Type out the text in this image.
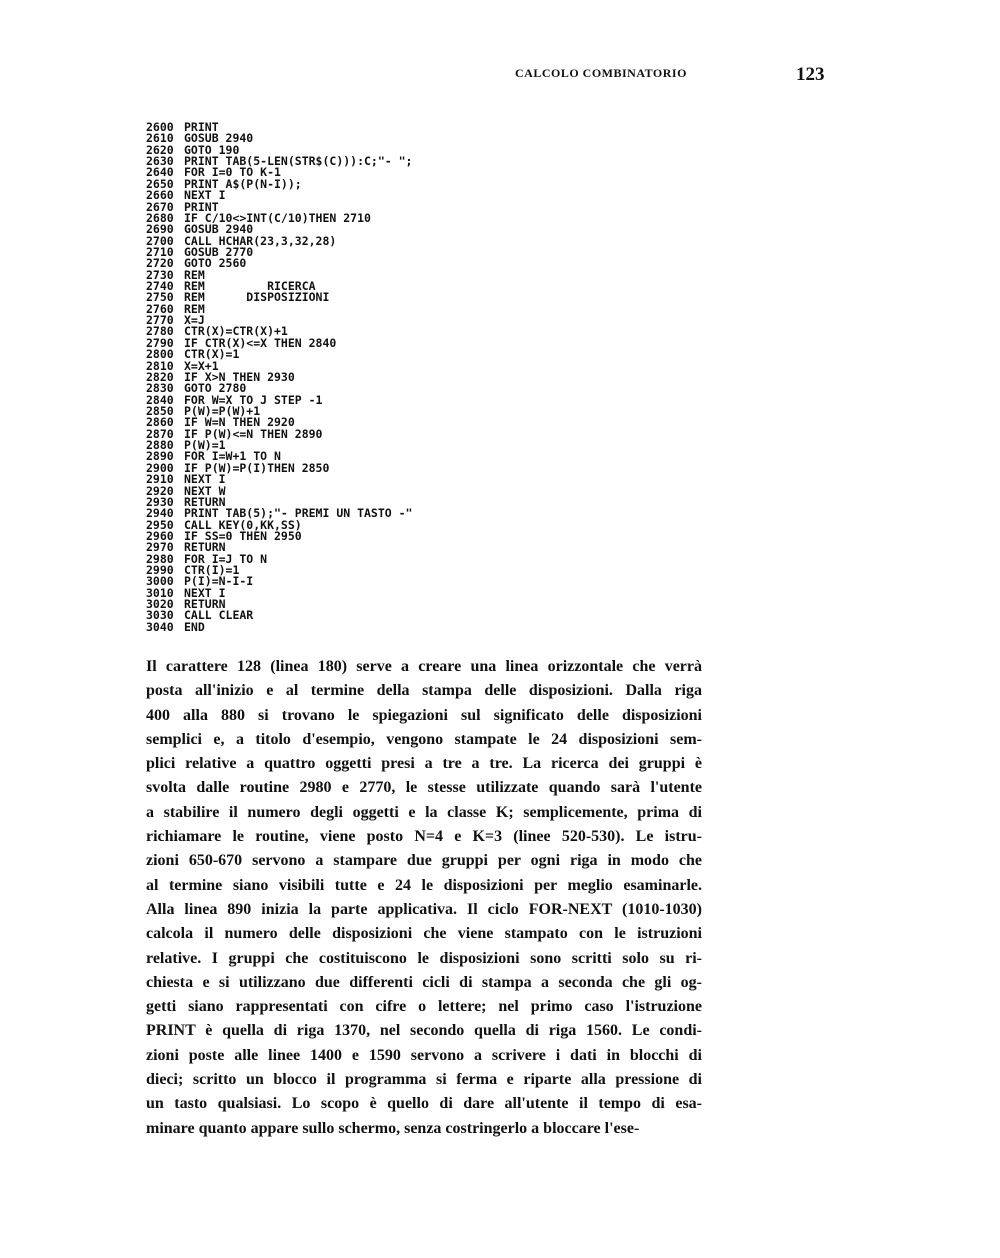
CALCOLO COMBINATORIO	123
2600 PRINT
2610 GOSUB 2940
2620 GOTO 190
2630 PRINT TAB(5-LEN(STR$(C))):C;"- ";
2640 FOR I=0 TO K-1
2650 PRINT A$(P(N-I));
2660 NEXT I
2670 PRINT
2680 IF C/10<>INT(C/10)THEN 2710
2690 GOSUB 2940
2700 CALL HCHAR(23,3,32,28)
2710 GOSUB 2770
2720 GOTO 2560
2730 REM
2740 REM         RICERCA
2750 REM      DISPOSIZIONI
2760 REM
2770 X=J
2780 CTR(X)=CTR(X)+1
2790 IF CTR(X)<=X THEN 2840
2800 CTR(X)=1
2810 X=X+1
2820 IF X>N THEN 2930
2830 GOTO 2780
2840 FOR W=X TO J STEP -1
2850 P(W)=P(W)+1
2860 IF W=N THEN 2920
2870 IF P(W)<=N THEN 2890
2880 P(W)=1
2890 FOR I=W+1 TO N
2900 IF P(W)=P(I)THEN 2850
2910 NEXT I
2920 NEXT W
2930 RETURN
2940 PRINT TAB(5);"- PREMI UN TASTO -"
2950 CALL KEY(0,KK,SS)
2960 IF SS=0 THEN 2950
2970 RETURN
2980 FOR I=J TO N
2990 CTR(I)=1
3000 P(I)=N-I-I
3010 NEXT I
3020 RETURN
3030 CALL CLEAR
3040 END
Il carattere 128 (linea 180) serve a creare una linea orizzontale che verrà
posta all'inizio e al termine della stampa delle disposizioni. Dalla riga
400 alla 880 si trovano le spiegazioni sul significato delle disposizioni
semplici e, a titolo d'esempio, vengono stampate le 24 disposizioni sem-
plici relative a quattro oggetti presi a tre a tre. La ricerca dei gruppi è
svolta dalle routine 2980 e 2770, le stesse utilizzate quando sarà l'utente
a stabilire il numero degli oggetti e la classe K; semplicemente, prima di
richiamare le routine, viene posto N=4 e K=3 (linee 520-530). Le istru-
zioni 650-670 servono a stampare due gruppi per ogni riga in modo che
al termine siano visibili tutte e 24 le disposizioni per meglio esaminarle.
Alla linea 890 inizia la parte applicativa. Il ciclo FOR-NEXT (1010-1030)
calcola il numero delle disposizioni che viene stampato con le istruzioni
relative. I gruppi che costituiscono le disposizioni sono scritti solo su ri-
chiesta e si utilizzano due differenti cicli di stampa a seconda che gli og-
getti siano rappresentati con cifre o lettere; nel primo caso l'istruzione
PRINT è quella di riga 1370, nel secondo quella di riga 1560. Le condi-
zioni poste alle linee 1400 e 1590 servono a scrivere i dati in blocchi di
dieci; scritto un blocco il programma si ferma e riparte alla pressione di
un tasto qualsiasi. Lo scopo è quello di dare all'utente il tempo di esa-
minare quanto appare sullo schermo, senza costringerlo a bloccare l'ese-
